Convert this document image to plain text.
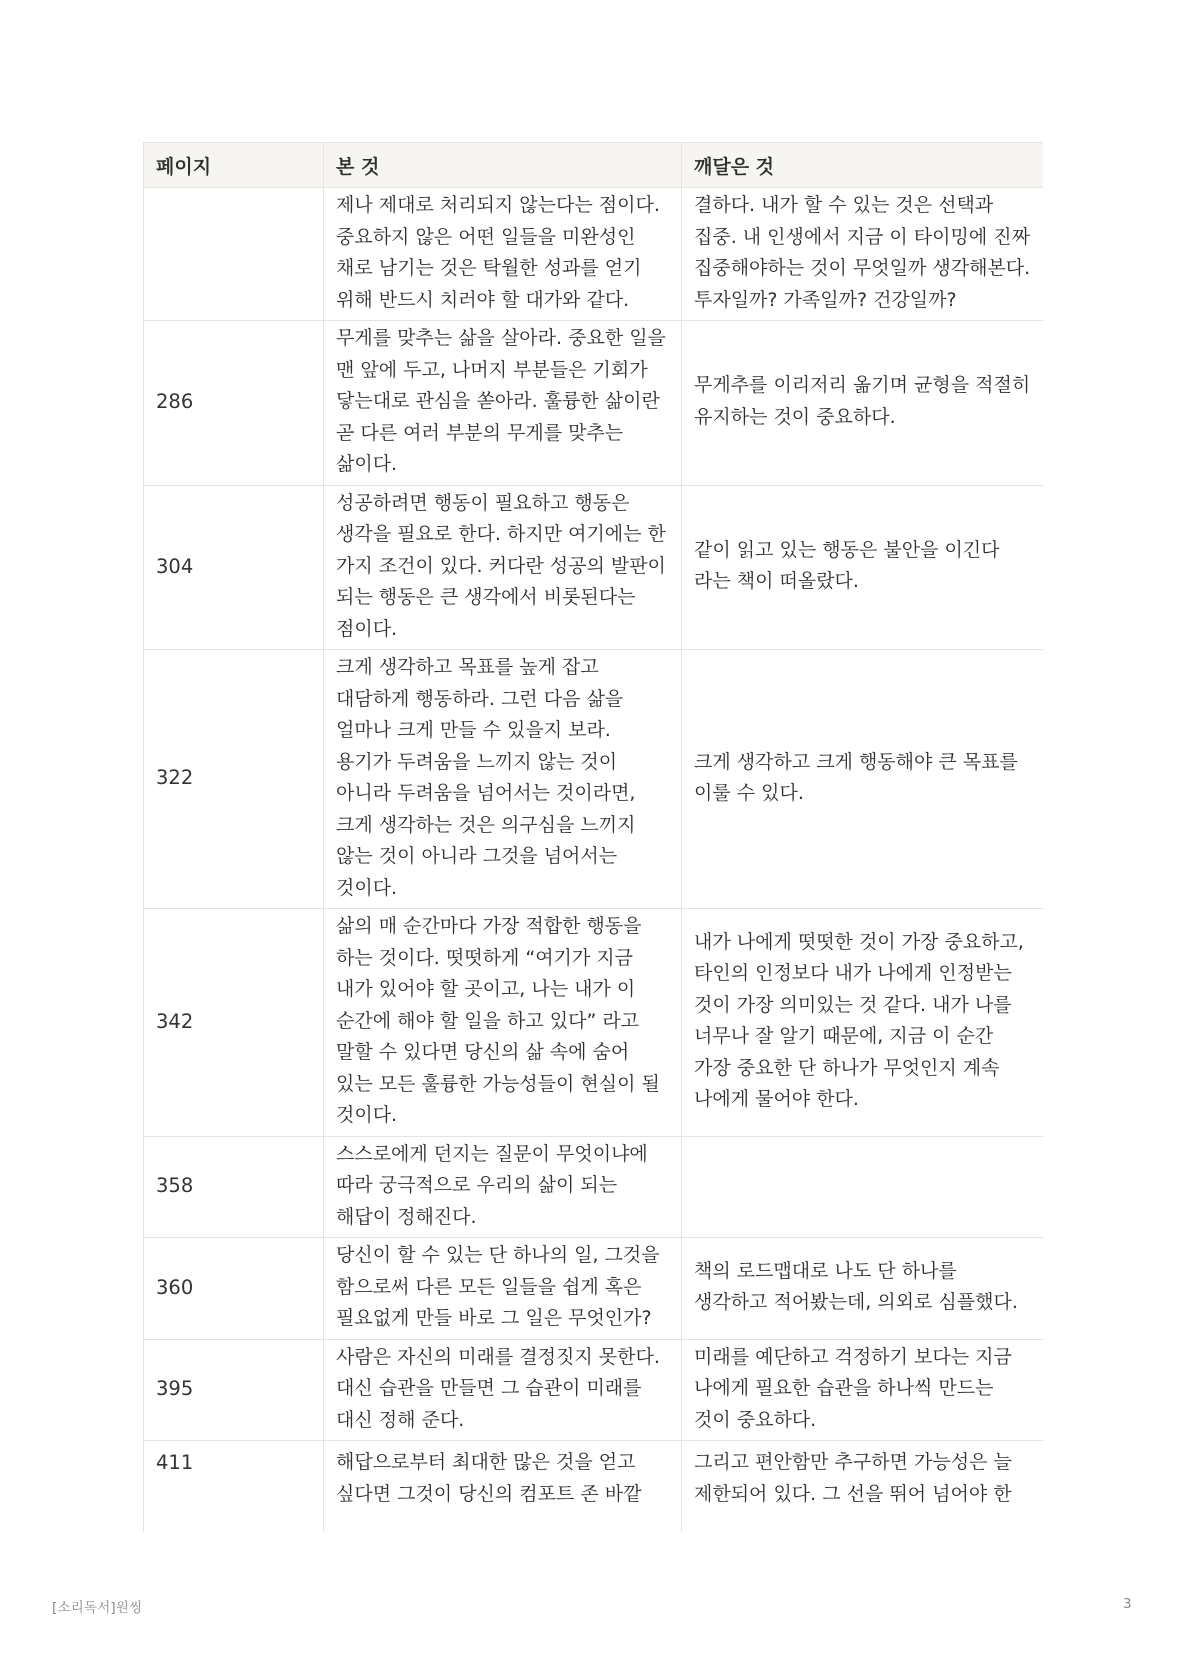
페이지	본 것	깨달은 것
	제나 제대로 처리되지 않는다는 점이다. 중요하지 않은 어떤 일들을 미완성인 채로 남기는 것은 탁월한 성과를 얻기 위해 반드시 치러야 할 대가와 같다.	결하다. 내가 할 수 있는 것은 선택과 집중. 내 인생에서 지금 이 타이밍에 진짜 집중해야하는 것이 무엇일까 생각해본다. 투자일까? 가족일까? 건강일까?
286	무게를 맞추는 삶을 살아라. 중요한 일을 맨 앞에 두고, 나머지 부분들은 기회가 닿는대로 관심을 쏟아라. 훌륭한 삶이란 곧 다른 여러 부분의 무게를 맞추는 삶이다.	무게추를 이리저리 옮기며 균형을 적절히 유지하는 것이 중요하다.
304	성공하려면 행동이 필요하고 행동은 생각을 필요로 한다. 하지만 여기에는 한 가지 조건이 있다. 커다란 성공의 발판이 되는 행동은 큰 생각에서 비롯된다는 점이다.	같이 읽고 있는 행동은 불안을 이긴다 라는 책이 떠올랐다.
322	크게 생각하고 목표를 높게 잡고 대담하게 행동하라. 그런 다음 삶을 얼마나 크게 만들 수 있을지 보라. 용기가 두려움을 느끼지 않는 것이 아니라 두려움을 넘어서는 것이라면, 크게 생각하는 것은 의구심을 느끼지 않는 것이 아니라 그것을 넘어서는 것이다.	크게 생각하고 크게 행동해야 큰 목표를 이룰 수 있다.
342	삶의 매 순간마다 가장 적합한 행동을 하는 것이다. 떳떳하게 “여기가 지금 내가 있어야 할 곳이고, 나는 내가 이 순간에 해야 할 일을 하고 있다” 라고 말할 수 있다면 당신의 삶 속에 숨어 있는 모든 훌륭한 가능성들이 현실이 될 것이다.	내가 나에게 떳떳한 것이 가장 중요하고, 타인의 인정보다 내가 나에게 인정받는 것이 가장 의미있는 것 같다. 내가 나를 너무나 잘 알기 때문에, 지금 이 순간 가장 중요한 단 하나가 무엇인지 계속 나에게 물어야 한다.
358	스스로에게 던지는 질문이 무엇이냐에 따라 궁극적으로 우리의 삶이 되는 해답이 정해진다.	
360	당신이 할 수 있는 단 하나의 일, 그것을 함으로써 다른 모든 일들을 쉽게 혹은 필요없게 만들 바로 그 일은 무엇인가?	책의 로드맵대로 나도 단 하나를 생각하고 적어봤는데, 의외로 심플했다.
395	사람은 자신의 미래를 결정짓지 못한다. 대신 습관을 만들면 그 습관이 미래를 대신 정해 준다.	미래를 예단하고 걱정하기 보다는 지금 나에게 필요한 습관을 하나씩 만드는 것이 중요하다.
411	해답으로부터 최대한 많은 것을 얻고 싶다면 그것이 당신의 컴포트 존 바깥	그리고 편안함만 추구하면 가능성은 늘 제한되어 있다. 그 선을 뛰어 넘어야 한
[소리독서]원씽	3
